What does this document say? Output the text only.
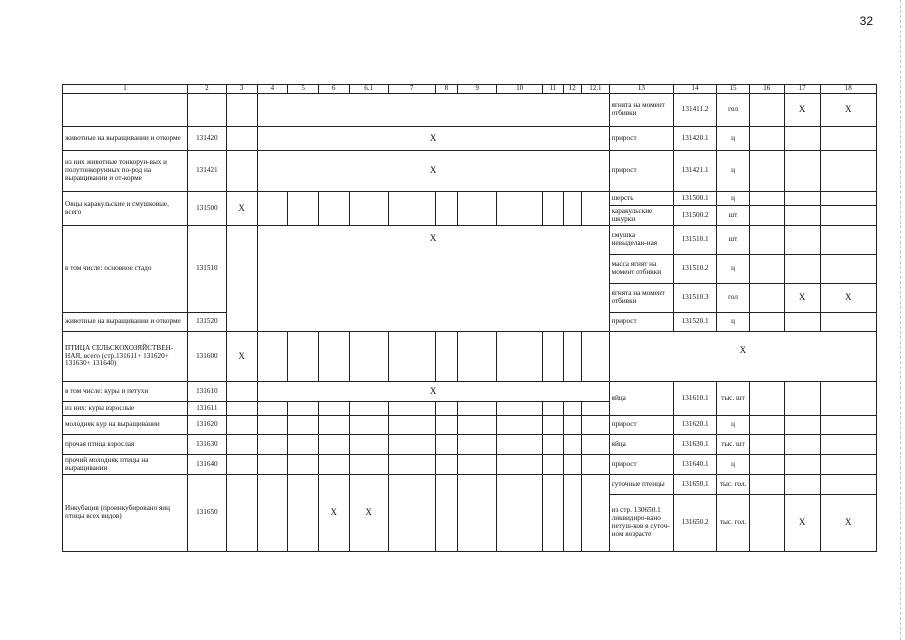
32
1	2	3	4	5	6	6.1	7	8	9	10	11	12	12.1	13	14	15	16	17	18
														ягнята на момент отбивки	131411.2	гол		X	X
животные на выращивании и откорме	131420		X											прирост	131420.1	ц			
из них животные тонкорун-вых и полутонкорунных по-род на выращивании и от-корме	131421		X											прирост	131421.1	ц			
Овцы каракульские и смушковые, всего	131500	X												шерсть	131500.1	ц			
														каракульские шкурки	131500.2	шт			
в том числе: основное стадо	131510		X											смушка невыделан-ная	131510.1	шт			
														масса ягнят на момент отбивки	131510.2	ц			
														ягнята на момент отбивки	131510.3	гол		X	X
животные на выращивании и откорме	131520													прирост	131520.1	ц			
ПТИЦА СЕЛЬСКОХОЗЯЙСТВЕН-НАЯ, всего (стр.131611+ 131620+ 131630+ 131640)	131600	X												X					
в том числе: куры и петухи	131610		X											яйца	131610.1	тыс. шт			
из них: куры взрослые	131611																		
молодняк кур на выращивании	131620													прирост	131620.1	ц			
прочая птица взрослая	131630													яйца	131630.1	тыс. шт			
прочий молодняк птицы на выращивании	131640													прирост	131640.1	ц			
Инкубация (проинкубировано яиц птицы всех видов)	131650				X	X								суточные птенцы	131650.1	тыс. гол.			
														из стр. 130650.1 ликвидиро-вано петуш-ков в суточ-ном возрасте	131650.2	тыс. гол.		X	X
